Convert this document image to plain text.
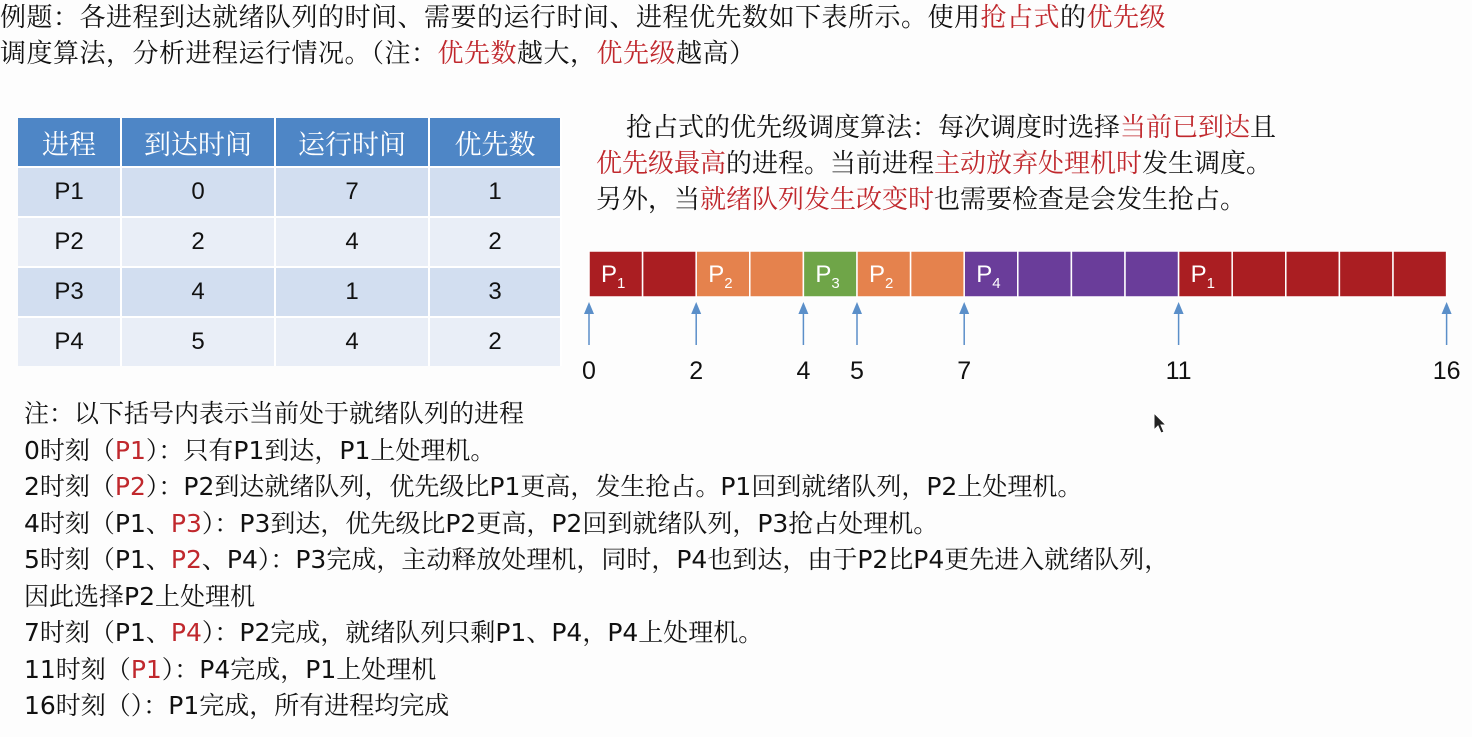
例题：各进程到达就绪队列的时间、需要的运行时间、进程优先数如下表所示。使用抢占式的优先级
调度算法，分析进程运行情况。（注：优先数越大，优先级越高）
进程	到达时间	运行时间	优先数
P1	0	7	1
P2	2	4	2
P3	4	1	3
P4	5	4	2
抢占式的优先级调度算法：每次调度时选择当前已到达且
优先级最高的进程。当前进程主动放弃处理机时发生调度。
另外，当就绪队列发生改变时也需要检查是会发生抢占。
$P_1$	$P_2$	$P_3$ $P_2$	$P_4$	$P_1$
0	2	4 5	7	11	16
注：以下括号内表示当前处于就绪队列的进程
0时刻（P1）：只有P1到达，P1上处理机。
2时刻（P2）：P2到达就绪队列，优先级比P1更高，发生抢占。P1回到就绪队列，P2上处理机。
4时刻（P1、P3）：P3到达，优先级比P2更高，P2回到就绪队列，P3抢占处理机。
5时刻（P1、P2、P4）：P3完成，主动释放处理机，同时，P4也到达，由于P2比P4更先进入就绪队列，
因此选择P2上处理机
7时刻（P1、P4）：P2完成，就绪队列只剩P1、P4，P4上处理机。
11时刻（P1）：P4完成，P1上处理机
16时刻（）：P1完成，所有进程均完成
